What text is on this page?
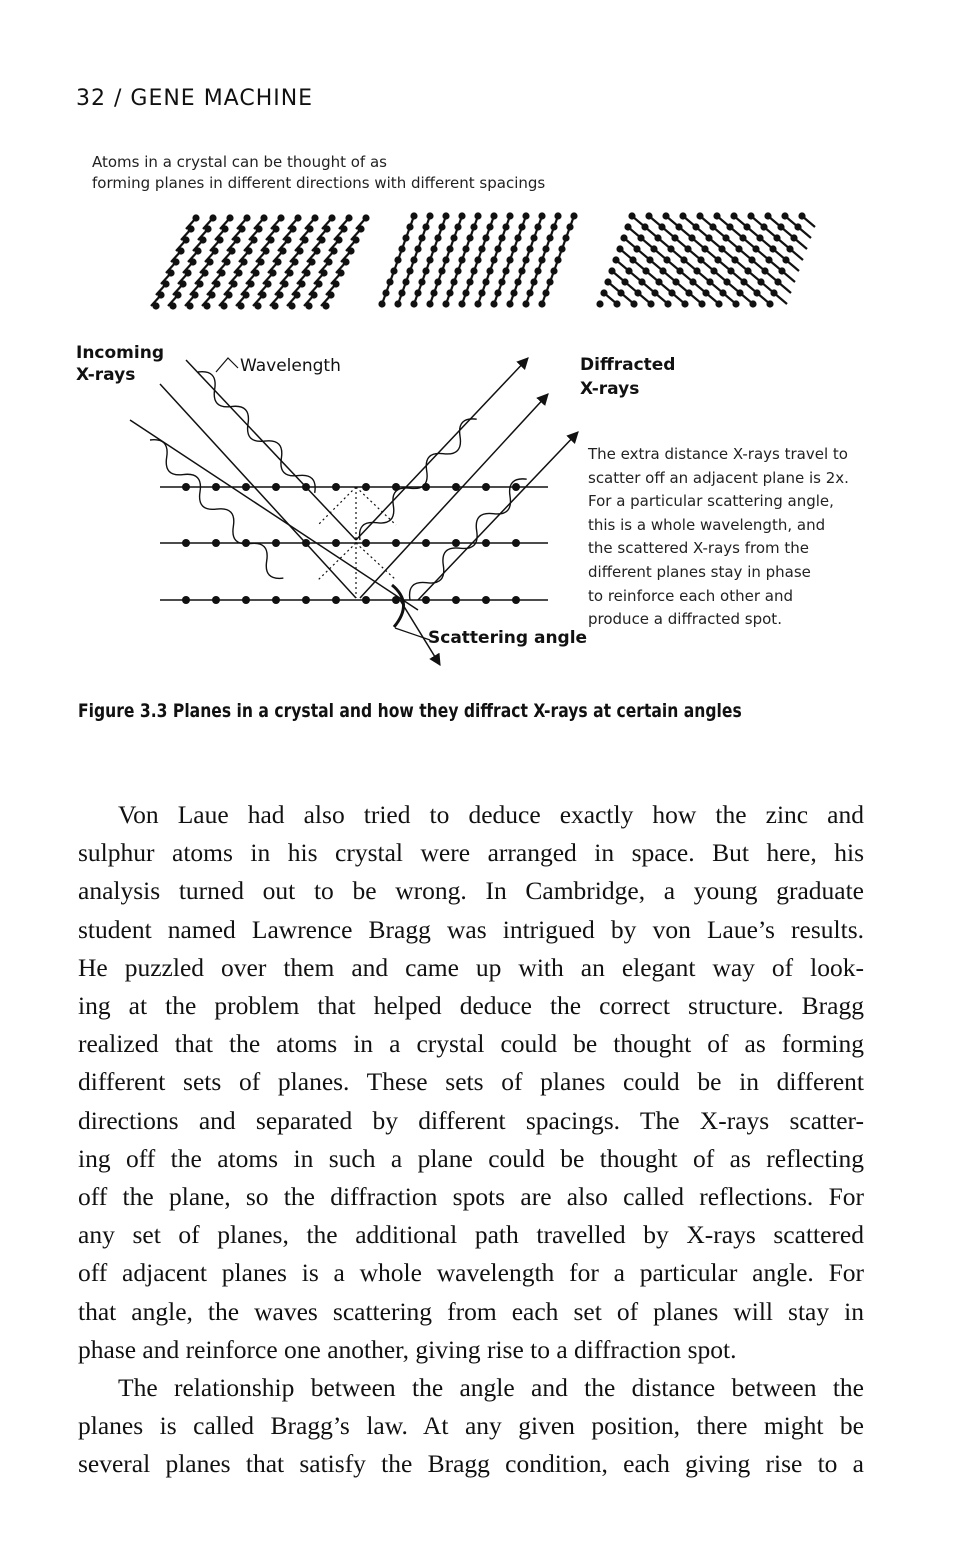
32 / GENE MACHINE
Atoms in a crystal can be thought of as
forming planes in different directions with different spacings
Incoming
X-rays	Wavelength	Diffracted
X-rays
Scattering angle
The extra distance X-rays travel to
scatter off an adjacent plane is 2x.
For a particular scattering angle,
this is a whole wavelength, and
the scattered X-rays from the
different planes stay in phase
to reinforce each other and
produce a diffracted spot.
Figure 3.3 Planes in a crystal and how they diffract X-rays at certain angles
Von Laue had also tried to deduce exactly how the zinc and
sulphur atoms in his crystal were arranged in space. But here, his
analysis turned out to be wrong. In Cambridge, a young graduate
student named Lawrence Bragg was intrigued by von Laue’s results.
He puzzled over them and came up with an elegant way of look-
ing at the problem that helped deduce the correct structure. Bragg
realized that the atoms in a crystal could be thought of as forming
different sets of planes. These sets of planes could be in different
directions and separated by different spacings. The X-rays scatter-
ing off the atoms in such a plane could be thought of as reflecting
off the plane, so the diffraction spots are also called reflections. For
any set of planes, the additional path travelled by X-rays scattered
off adjacent planes is a whole wavelength for a particular angle. For
that angle, the waves scattering from each set of planes will stay in
phase and reinforce one another, giving rise to a diffraction spot.
The relationship between the angle and the distance between the
planes is called Bragg’s law. At any given position, there might be
several planes that satisfy the Bragg condition, each giving rise to a
